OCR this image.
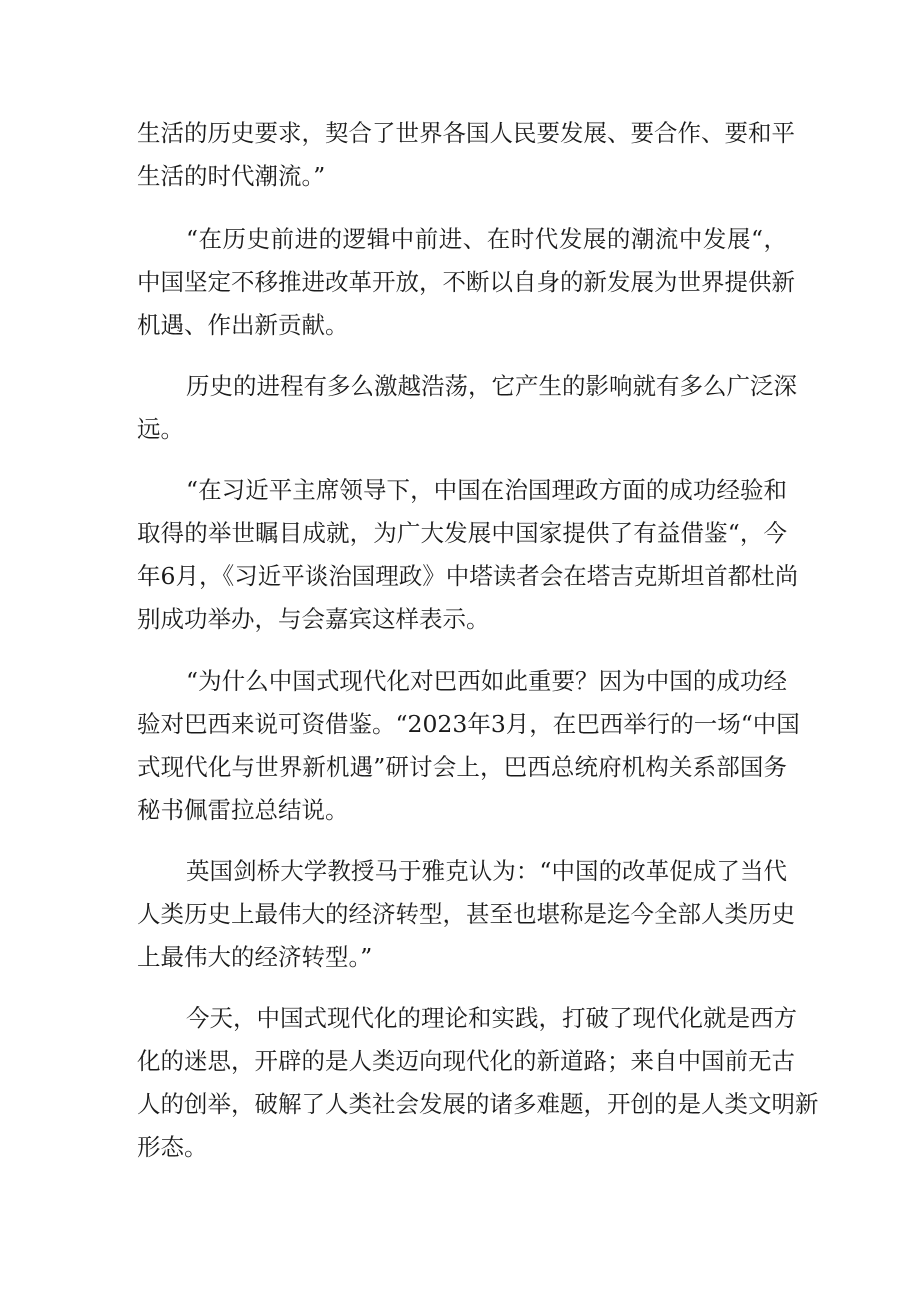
生活的历史要求，契合了世界各国人民要发展、要合作、要和平

生活的时代潮流。”

“在历史前进的逻辑中前进、在时代发展的潮流中发展“，

中国坚定不移推进改革开放，不断以自身的新发展为世界提供新

机遇、作出新贡献。

历史的进程有多么激越浩荡，它产生的影响就有多么广泛深

远。

“在习近平主席领导下，中国在治国理政方面的成功经验和

取得的举世瞩目成就，为广大发展中国家提供了有益借鉴“，今

年6月，《习近平谈治国理政》中塔读者会在塔吉克斯坦首都杜尚

别成功举办，与会嘉宾这样表示。

“为什么中国式现代化对巴西如此重要？因为中国的成功经

验对巴西来说可资借鉴。“2023年3月，在巴西举行的一场“中国

式现代化与世界新机遇”研讨会上，巴西总统府机构关系部国务

秘书佩雷拉总结说。

英国剑桥大学教授马于雅克认为：“中国的改革促成了当代

人类历史上最伟大的经济转型，甚至也堪称是迄今全部人类历史

上最伟大的经济转型。”

今天，中国式现代化的理论和实践，打破了现代化就是西方

化的迷思，开辟的是人类迈向现代化的新道路；来自中国前无古

人的创举，破解了人类社会发展的诸多难题，开创的是人类文明新

形态。
